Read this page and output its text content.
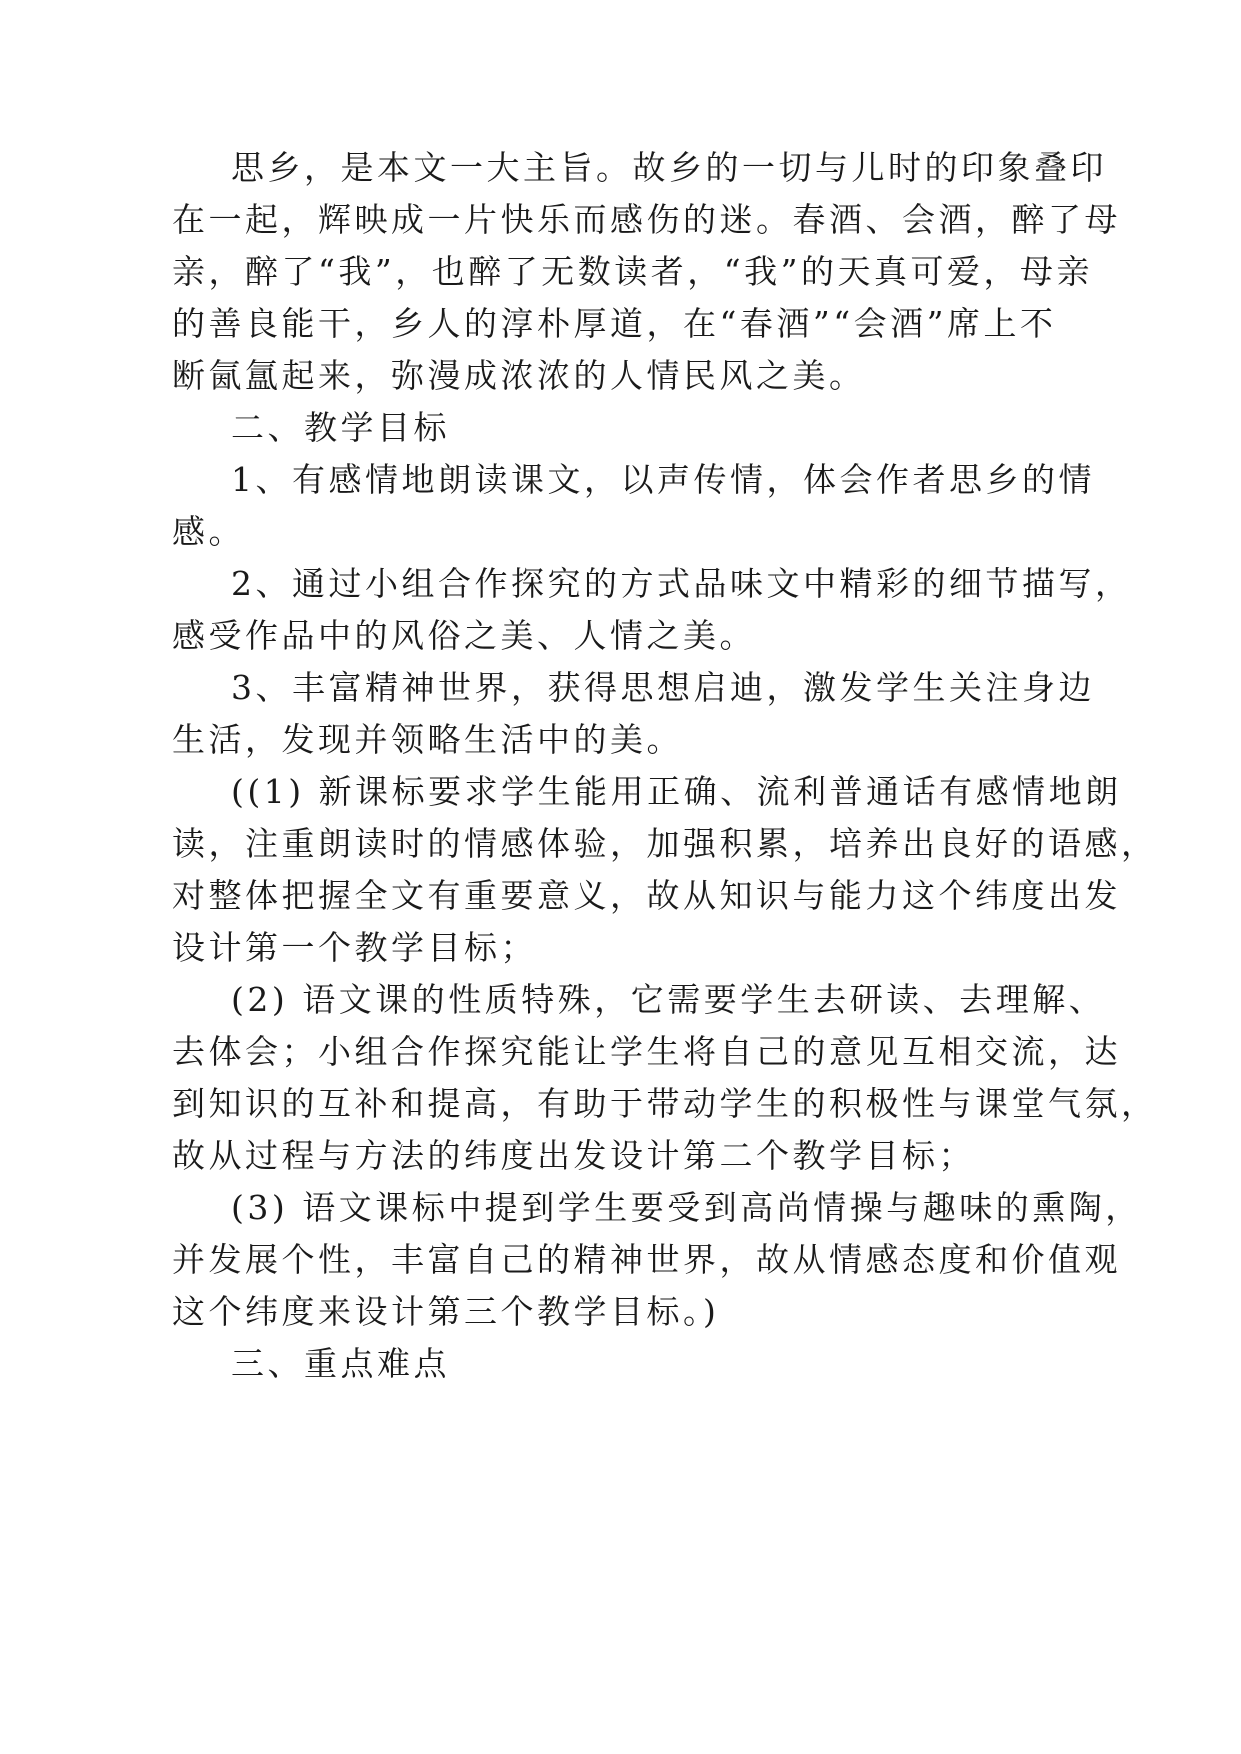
思乡，是本文一大主旨。故乡的一切与儿时的印象叠印
在一起，辉映成一片快乐而感伤的迷。春酒、会酒，醉了母
亲，醉了“我”，也醉了无数读者，“我”的天真可爱，母亲
的善良能干，乡人的淳朴厚道，在“春酒”“会酒”席上不
断氤氲起来，弥漫成浓浓的人情民风之美。
二、教学目标
1、有感情地朗读课文，以声传情，体会作者思乡的情
感。
2、通过小组合作探究的方式品味文中精彩的细节描写，
感受作品中的风俗之美、人情之美。
3、丰富精神世界，获得思想启迪，激发学生关注身边
生活，发现并领略生活中的美。
((1) 新课标要求学生能用正确、流利普通话有感情地朗
读，注重朗读时的情感体验，加强积累，培养出良好的语感，
对整体把握全文有重要意义，故从知识与能力这个纬度出发
设计第一个教学目标；
(2) 语文课的性质特殊，它需要学生去研读、去理解、
去体会；小组合作探究能让学生将自己的意见互相交流，达
到知识的互补和提高，有助于带动学生的积极性与课堂气氛，
故从过程与方法的纬度出发设计第二个教学目标；
(3) 语文课标中提到学生要受到高尚情操与趣味的熏陶，
并发展个性，丰富自己的精神世界，故从情感态度和价值观
这个纬度来设计第三个教学目标。)
三、重点难点
